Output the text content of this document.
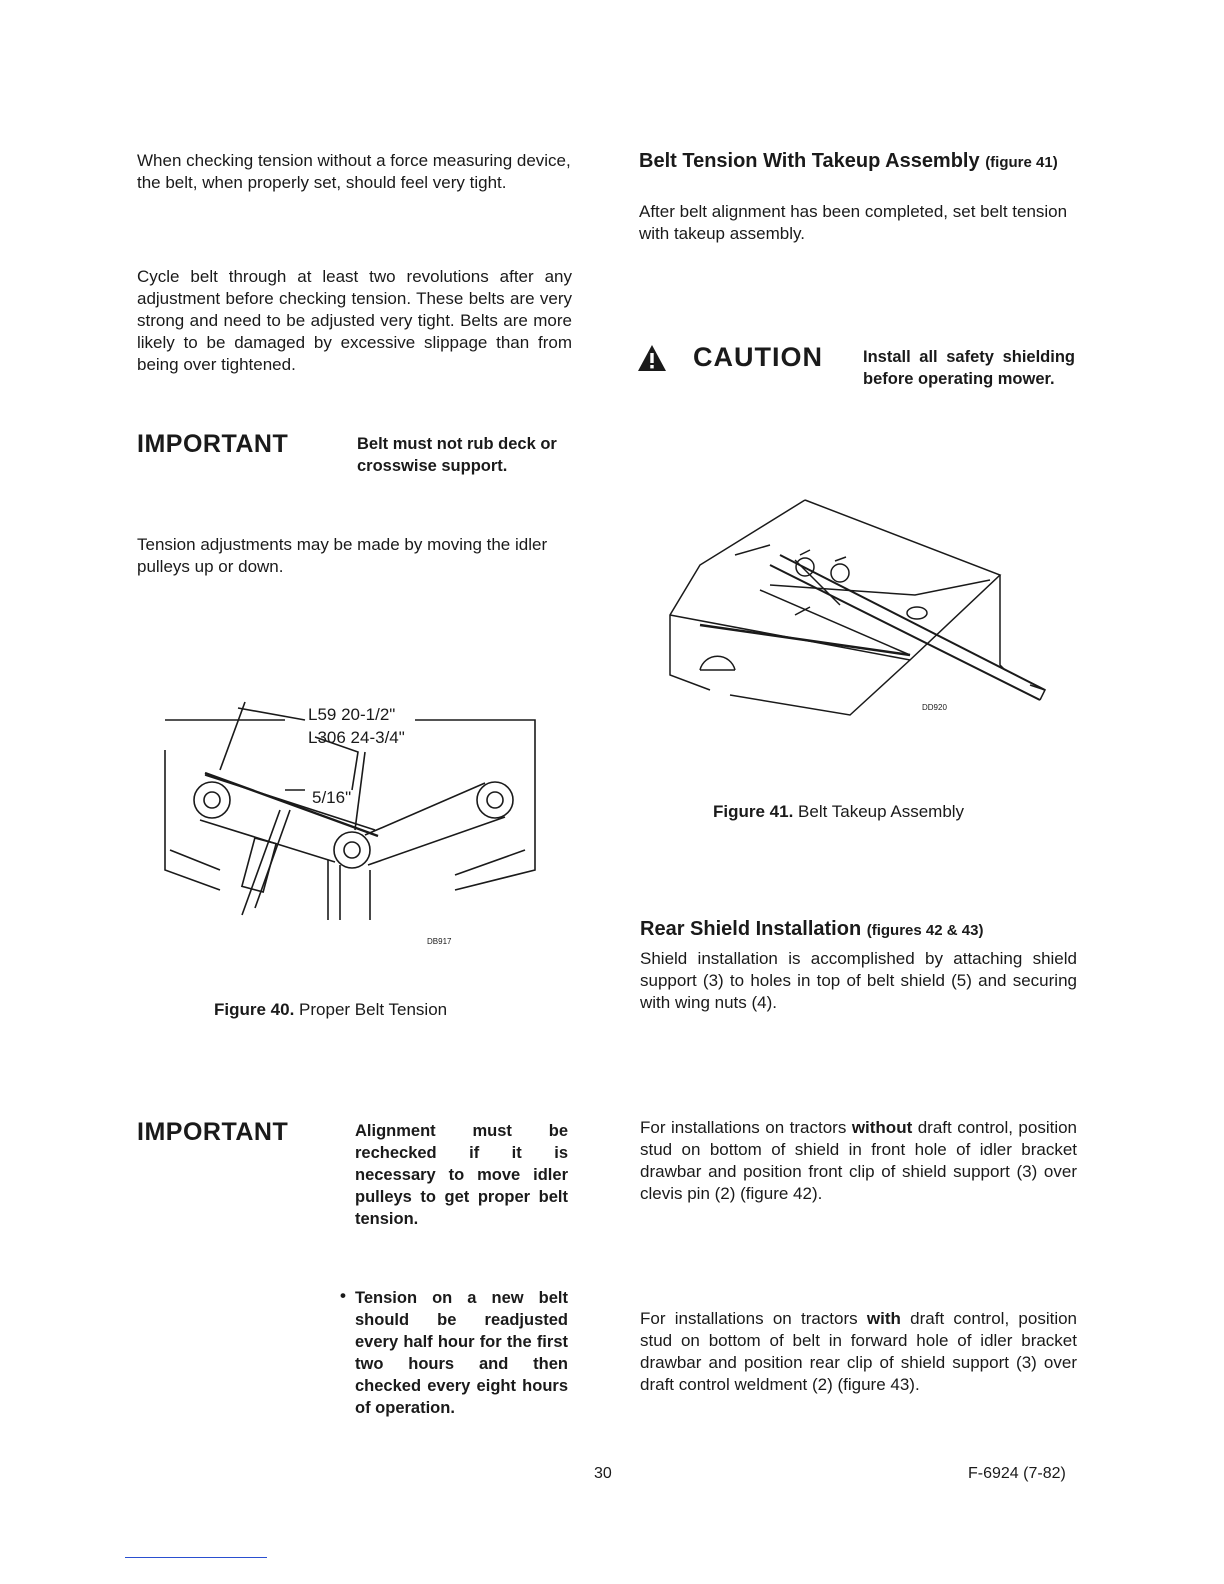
When checking tension without a force measuring device, the belt, when properly set, should feel very tight.

Cycle belt through at least two revolutions after any adjustment before checking tension. These belts are very strong and need to be adjusted very tight. Belts are more likely to be damaged by excessive slippage than from being over tightened.

IMPORTANT	Belt must not rub deck or crosswise support.

Tension adjustments may be made by moving the idler pulleys up or down.

L59 20-1/2"
L306 24-3/4"
5/16"
DB917
Figure 40. Proper Belt Tension
IMPORTANT	Alignment must be rechecked if it is necessary to move idler pulleys to get proper belt tension.
• Tension on a new belt should be readjusted every half hour for the first two hours and then checked every eight hours of operation.
Belt Tension With Takeup Assembly (figure 41)

After belt alignment has been completed, set belt tension with takeup assembly.

CAUTION Install all safety shielding before operating mower.
DD920
Figure 41. Belt Takeup Assembly
Rear Shield Installation (figures 42 & 43)

Shield installation is accomplished by attaching shield support (3) to holes in top of belt shield (5) and securing with wing nuts (4).

For installations on tractors without draft control, position stud on bottom of shield in front hole of idler bracket drawbar and position front clip of shield support (3) over clevis pin (2) (figure 42).

For installations on tractors with draft control, position stud on bottom of belt in forward hole of idler bracket drawbar and position rear clip of shield support (3) over draft control weldment (2) (figure 43).

30	F-6924 (7-82)
